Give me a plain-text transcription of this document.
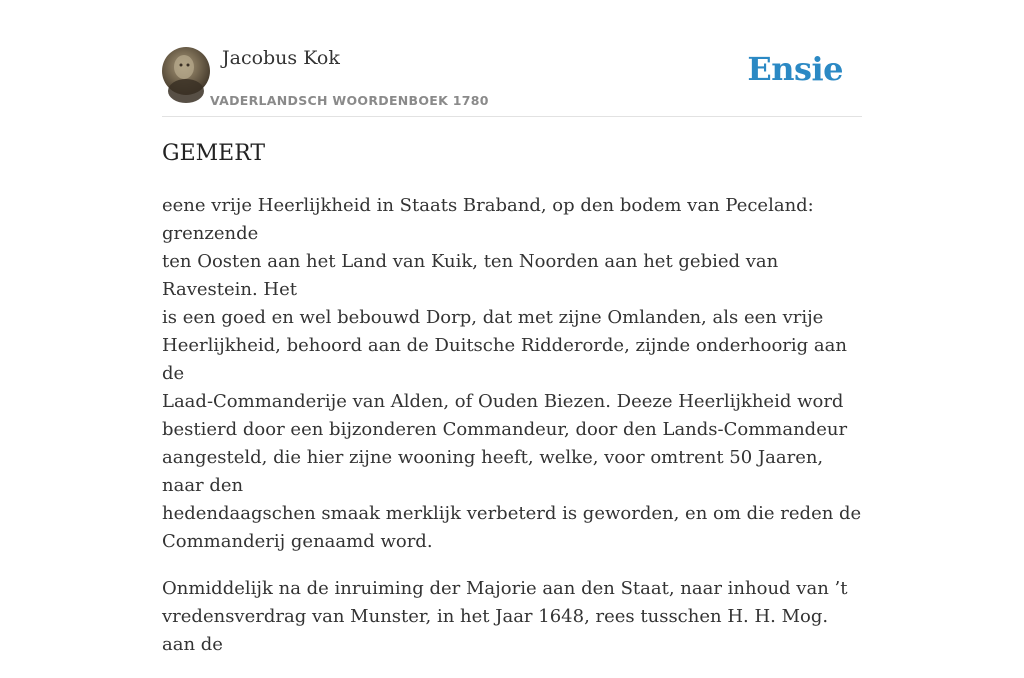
Jacobus Kok
VADERLANDSCH WOORDENBOEK 1780
Ensie
GEMERT

eene vrije Heerlijkheid in Staats Braband, op den bodem van Peceland: grenzende
ten Oosten aan het Land van Kuik, ten Noorden aan het gebied van Ravestein. Het
is een goed en wel bebouwd Dorp, dat met zijne Omlanden, als een vrije
Heerlijkheid, behoord aan de Duitsche Ridderorde, zijnde onderhoorig aan de
Laad-Commanderije van Alden, of Ouden Biezen. Deeze Heerlijkheid word
bestierd door een bijzonderen Commandeur, door den Lands-Commandeur
aangesteld, die hier zijne wooning heeft, welke, voor omtrent 50 Jaaren, naar den
hedendaagschen smaak merklijk verbeterd is geworden, en om die reden de
Commanderij genaamd word.

Onmiddelijk na de inruiming der Majorie aan den Staat, naar inhoud van ’t
vredensverdrag van Munster, in het Jaar 1648, rees tusschen H. H. Mog. aan de
